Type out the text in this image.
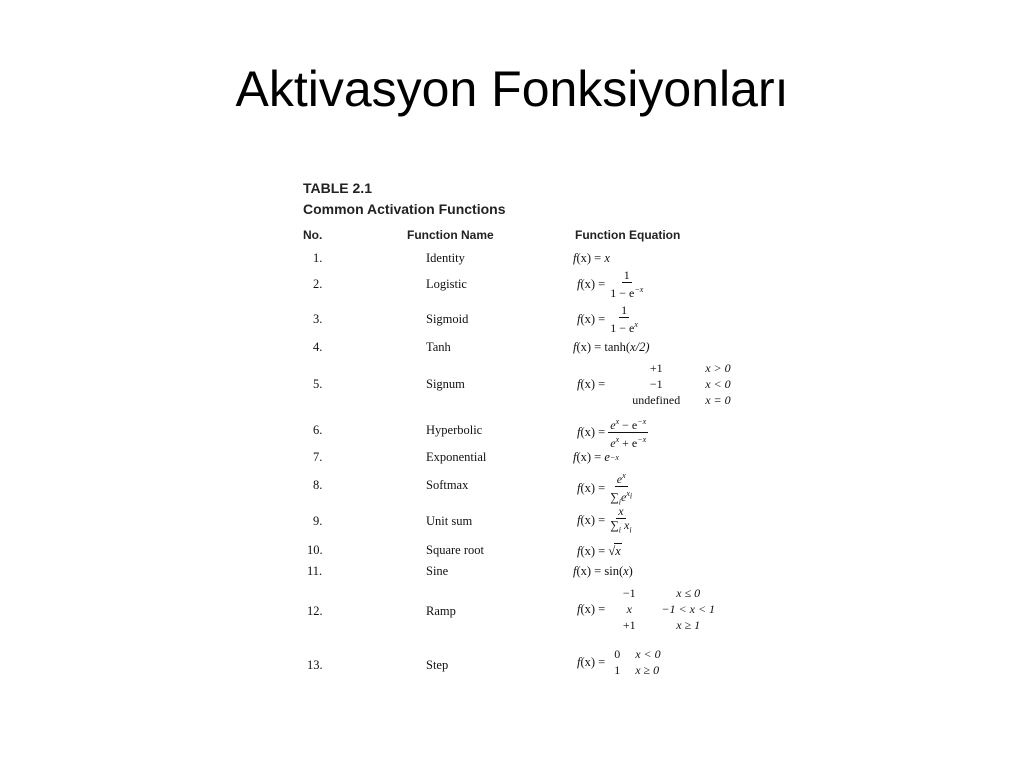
Aktivasyon Fonksiyonları
TABLE 2.1
Common Activation Functions
No.	Function Name	Function Equation
1.	Identity	f (x) =
x
2.	Logistic	f $(x) = \frac{1}{1 - e^{-x}}$
3.	Sigmoid	f $(x) = \frac{1}{1 - e^x}$
4.	Tanh	f (x) =
tanh( x/2)
5.	Signum	f (x) =
+1	x > 0
−1	x < 0
undefined	x = 0
6.	Hyperbolic	f $(x) = \frac{e^x - e^{-x}}{e^x + e^{-x}}$
7.	Exponential	f (x) =
e −x
8.	Softmax	f $(x) = \frac{e^x}{\sum_ie^{x_i}}$
9.	Unit sum	f $(x) = \frac{x}{\sum_i x_i}$
10.	Square root	f (x) =
√ x
11.	Sine	f (x) =
sin( x )
12.	Ramp	f (x) =
−1	x ≤ 0
x	−1 < x < 1
+1	x ≥ 1
13.	Step	f (x) =
0 x < 0
1 x ≥ 0
